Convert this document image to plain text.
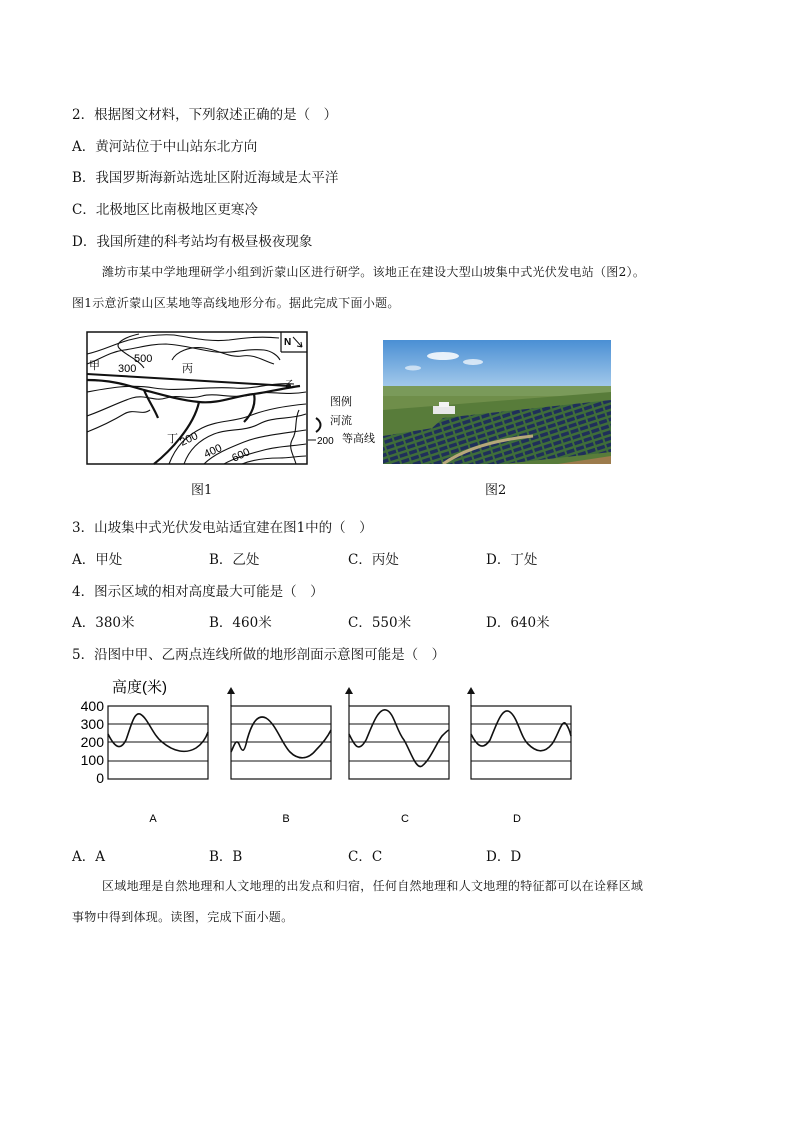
2．根据图文材料，下列叙述正确的是（　）
A．黄河站位于中山站东北方向
B．我国罗斯海新站选址区附近海域是太平洋
C．北极地区比南极地区更寒冷
D．我国所建的科考站均有极昼极夜现象
潍坊市某中学地理研学小组到沂蒙山区进行研学。该地正在建设大型山坡集中式光伏发电站（图2）。
图1示意沂蒙山区某地等高线地形分布。据此完成下面小题。
N
甲
乙
丙
丁
500
300
200
400 600
图例
河流
200 等高线
图1	图2
3．山坡集中式光伏发电站适宜建在图1中的（　）
A．甲处	B．乙处	C．丙处	D．丁处
4．图示区域的相对高度最大可能是（　）
A．380米	B．460米	C．550米	D．640米
5．沿图中甲、乙两点连线所做的地形剖面示意图可能是（　）
高度(米)
400
300
200
100
0
A	B	C	D
A．A	B．B	C．C	D．D
区域地理是自然地理和人文地理的出发点和归宿，任何自然地理和人文地理的特征都可以在诠释区域
事物中得到体现。读图，完成下面小题。
